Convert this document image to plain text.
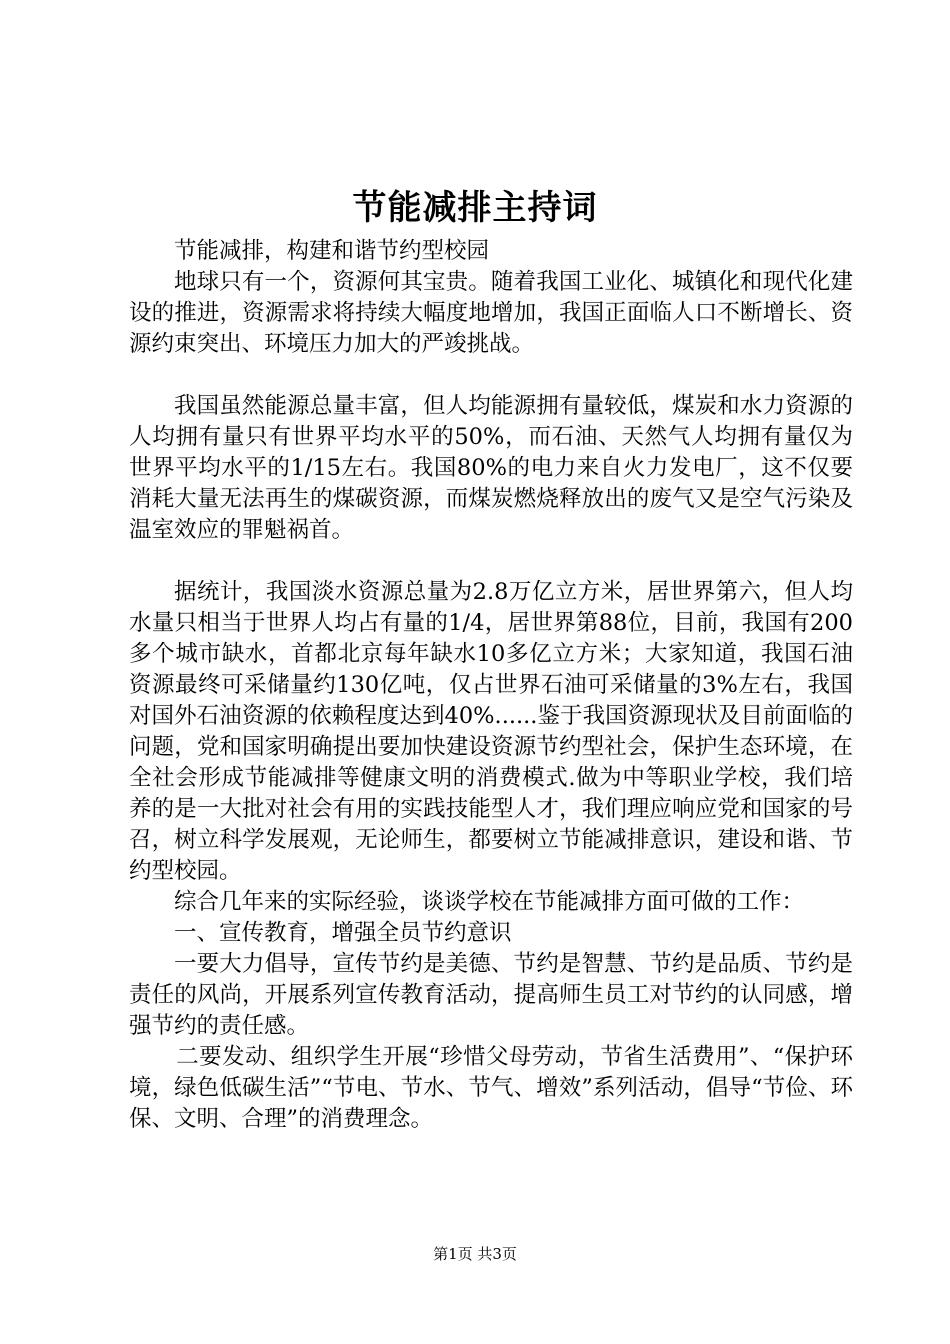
节能减排主持词

节能减排，构建和谐节约型校园

地球只有一个，资源何其宝贵。随着我国工业化、城镇化和现代化建设的推进，资源需求将持续大幅度地增加，我国正面临人口不断增长、资源约束突出、环境压力加大的严竣挑战。

我国虽然能源总量丰富，但人均能源拥有量较低，煤炭和水力资源的人均拥有量只有世界平均水平的50%，而石油、天然气人均拥有量仅为世界平均水平的1/15左右。我国80%的电力来自火力发电厂，这不仅要消耗大量无法再生的煤碳资源，而煤炭燃烧释放出的废气又是空气污染及温室效应的罪魁祸首。

据统计，我国淡水资源总量为2.8万亿立方米，居世界第六，但人均水量只相当于世界人均占有量的1/4，居世界第88位，目前，我国有200多个城市缺水，首都北京每年缺水10多亿立方米；大家知道，我国石油资源最终可采储量约130亿吨，仅占世界石油可采储量的3%左右，我国对国外石油资源的依赖程度达到40%......鉴于我国资源现状及目前面临的问题，党和国家明确提出要加快建设资源节约型社会，保护生态环境，在全社会形成节能减排等健康文明的消费模式.做为中等职业学校，我们培养的是一大批对社会有用的实践技能型人才，我们理应响应党和国家的号召，树立科学发展观，无论师生，都要树立节能减排意识，建设和谐、节约型校园。

综合几年来的实际经验，谈谈学校在节能减排方面可做的工作：

一、宣传教育，增强全员节约意识

一要大力倡导，宣传节约是美德、节约是智慧、节约是品质、节约是责任的风尚，开展系列宣传教育活动，提高师生员工对节约的认同感，增强节约的责任感。

二要发动、组织学生开展“珍惜父母劳动，节省生活费用”、“保护环境，绿色低碳生活”“节电、节水、节气、增效”系列活动，倡导“节俭、环保、文明、合理”的消费理念。

第1页 共3页
